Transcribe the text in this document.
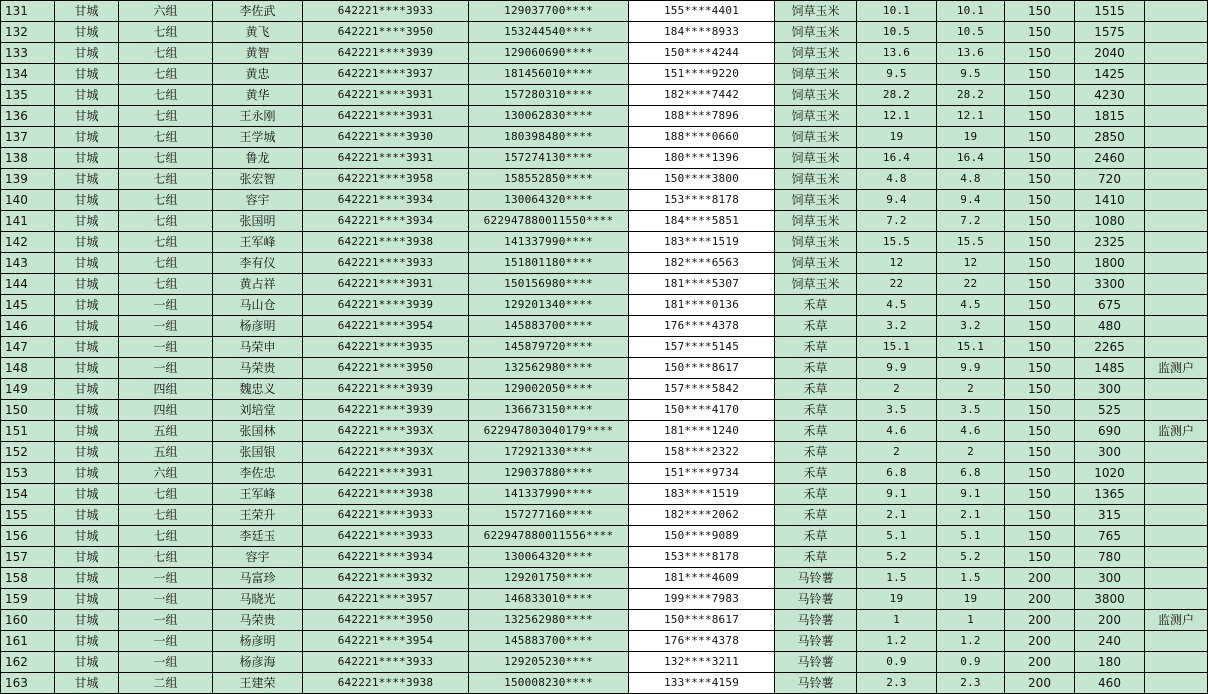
131	甘城	六组	李佐武	642221****3933	129037700****	155****4401	饲草玉米	10.1	10.1	150	1515	
132	甘城	七组	黄飞	642221****3950	153244540****	184****8933	饲草玉米	10.5	10.5	150	1575	
133	甘城	七组	黄智	642221****3939	129060690****	150****4244	饲草玉米	13.6	13.6	150	2040	
134	甘城	七组	黄忠	642221****3937	181456010****	151****9220	饲草玉米	9.5	9.5	150	1425	
135	甘城	七组	黄华	642221****3931	157280310****	182****7442	饲草玉米	28.2	28.2	150	4230	
136	甘城	七组	王永刚	642221****3931	130062830****	188****7896	饲草玉米	12.1	12.1	150	1815	
137	甘城	七组	王学城	642221****3930	180398480****	188****0660	饲草玉米	19	19	150	2850	
138	甘城	七组	鲁龙	642221****3931	157274130****	180****1396	饲草玉米	16.4	16.4	150	2460	
139	甘城	七组	张宏智	642221****3958	158552850****	150****3800	饲草玉米	4.8	4.8	150	720	
140	甘城	七组	容宇	642221****3934	130064320****	153****8178	饲草玉米	9.4	9.4	150	1410	
141	甘城	七组	张国明	642221****3934	622947880011550****	184****5851	饲草玉米	7.2	7.2	150	1080	
142	甘城	七组	王军峰	642221****3938	141337990****	183****1519	饲草玉米	15.5	15.5	150	2325	
143	甘城	七组	李有仪	642221****3933	151801180****	182****6563	饲草玉米	12	12	150	1800	
144	甘城	七组	黄占祥	642221****3931	150156980****	181****5307	饲草玉米	22	22	150	3300	
145	甘城	一组	马山仓	642221****3939	129201340****	181****0136	禾草	4.5	4.5	150	675	
146	甘城	一组	杨彦明	642221****3954	145883700****	176****4378	禾草	3.2	3.2	150	480	
147	甘城	一组	马荣申	642221****3935	145879720****	157****5145	禾草	15.1	15.1	150	2265	
148	甘城	一组	马荣贵	642221****3950	132562980****	150****8617	禾草	9.9	9.9	150	1485	监测户
149	甘城	四组	魏忠义	642221****3939	129002050****	157****5842	禾草	2	2	150	300	
150	甘城	四组	刘培堂	642221****3939	136673150****	150****4170	禾草	3.5	3.5	150	525	
151	甘城	五组	张国林	642221****393X	622947803040179****	181****1240	禾草	4.6	4.6	150	690	监测户
152	甘城	五组	张国银	642221****393X	172921330****	158****2322	禾草	2	2	150	300	
153	甘城	六组	李佐忠	642221****3931	129037880****	151****9734	禾草	6.8	6.8	150	1020	
154	甘城	七组	王军峰	642221****3938	141337990****	183****1519	禾草	9.1	9.1	150	1365	
155	甘城	七组	王荣升	642221****3933	157277160****	182****2062	禾草	2.1	2.1	150	315	
156	甘城	七组	李廷玉	642221****3933	622947880011556****	150****9089	禾草	5.1	5.1	150	765	
157	甘城	七组	容宇	642221****3934	130064320****	153****8178	禾草	5.2	5.2	150	780	
158	甘城	一组	马富珍	642221****3932	129201750****	181****4609	马铃薯	1.5	1.5	200	300	
159	甘城	一组	马晓光	642221****3957	146833010****	199****7983	马铃薯	19	19	200	3800	
160	甘城	一组	马荣贵	642221****3950	132562980****	150****8617	马铃薯	1	1	200	200	监测户
161	甘城	一组	杨彦明	642221****3954	145883700****	176****4378	马铃薯	1.2	1.2	200	240	
162	甘城	一组	杨彦海	642221****3933	129205230****	132****3211	马铃薯	0.9	0.9	200	180	
163	甘城	二组	王建荣	642221****3938	150008230****	133****4159	马铃薯	2.3	2.3	200	460	
